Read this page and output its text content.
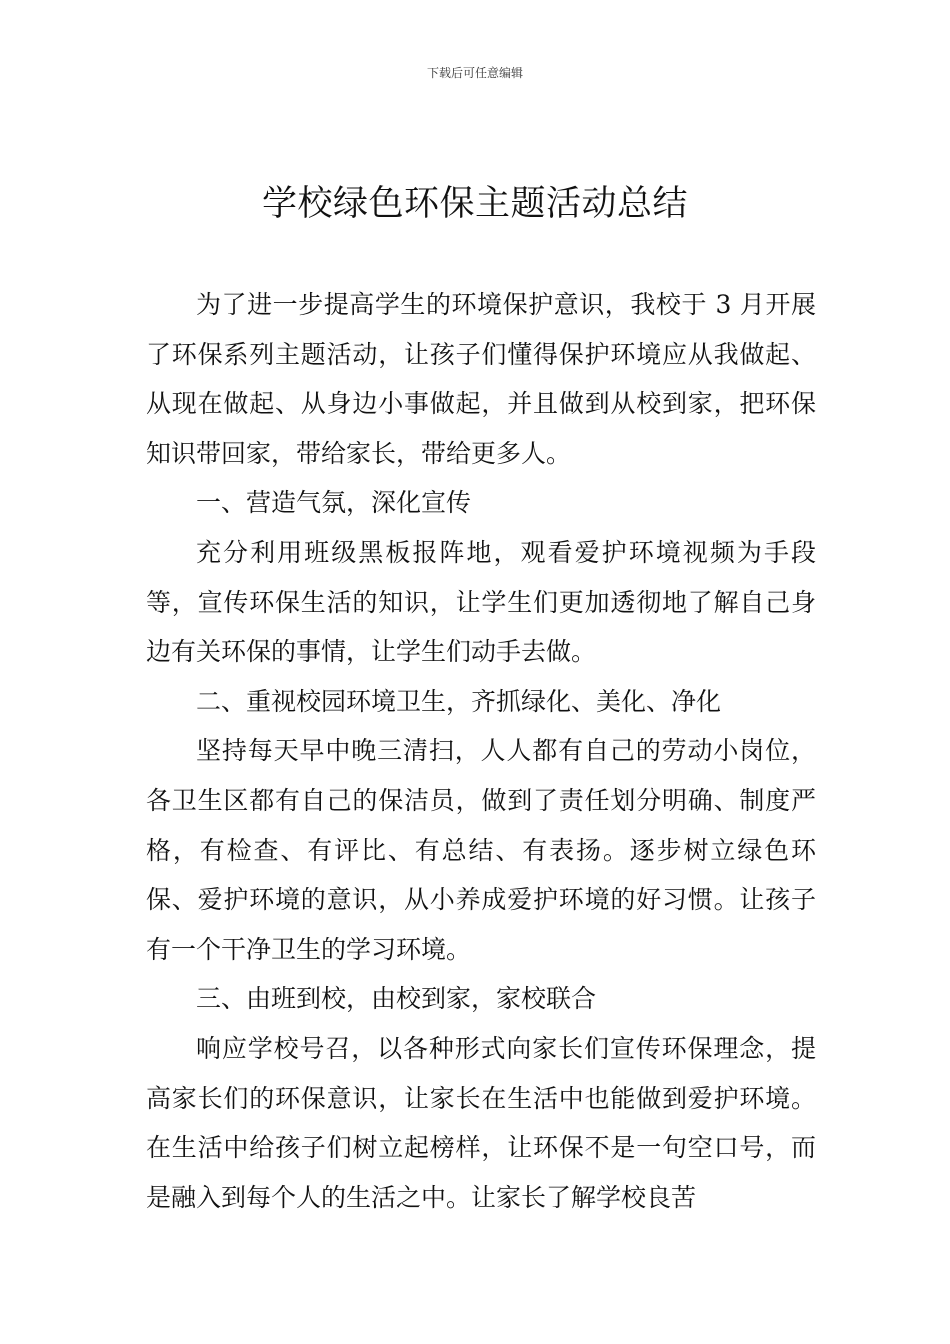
下载后可任意编辑
学校绿色环保主题活动总结

为了进一步提高学生的环境保护意识，我校于 3 月开展了环保系列主题活动，让孩子们懂得保护环境应从我做起、从现在做起、从身边小事做起，并且做到从校到家，把环保知识带回家，带给家长，带给更多人。

一、营造气氛，深化宣传

充分利用班级黑板报阵地，观看爱护环境视频为手段等，宣传环保生活的知识，让学生们更加透彻地了解自己身边有关环保的事情，让学生们动手去做。

二、重视校园环境卫生，齐抓绿化、美化、净化

坚持每天早中晚三清扫，人人都有自己的劳动小岗位，各卫生区都有自己的保洁员，做到了责任划分明确、制度严格，有检查、有评比、有总结、有表扬。逐步树立绿色环保、爱护环境的意识，从小养成爱护环境的好习惯。让孩子有一个干净卫生的学习环境。

三、由班到校，由校到家，家校联合

响应学校号召，以各种形式向家长们宣传环保理念，提高家长们的环保意识，让家长在生活中也能做到爱护环境。在生活中给孩子们树立起榜样，让环保不是一句空口号，而是融入到每个人的生活之中。让家长了解学校良苦
